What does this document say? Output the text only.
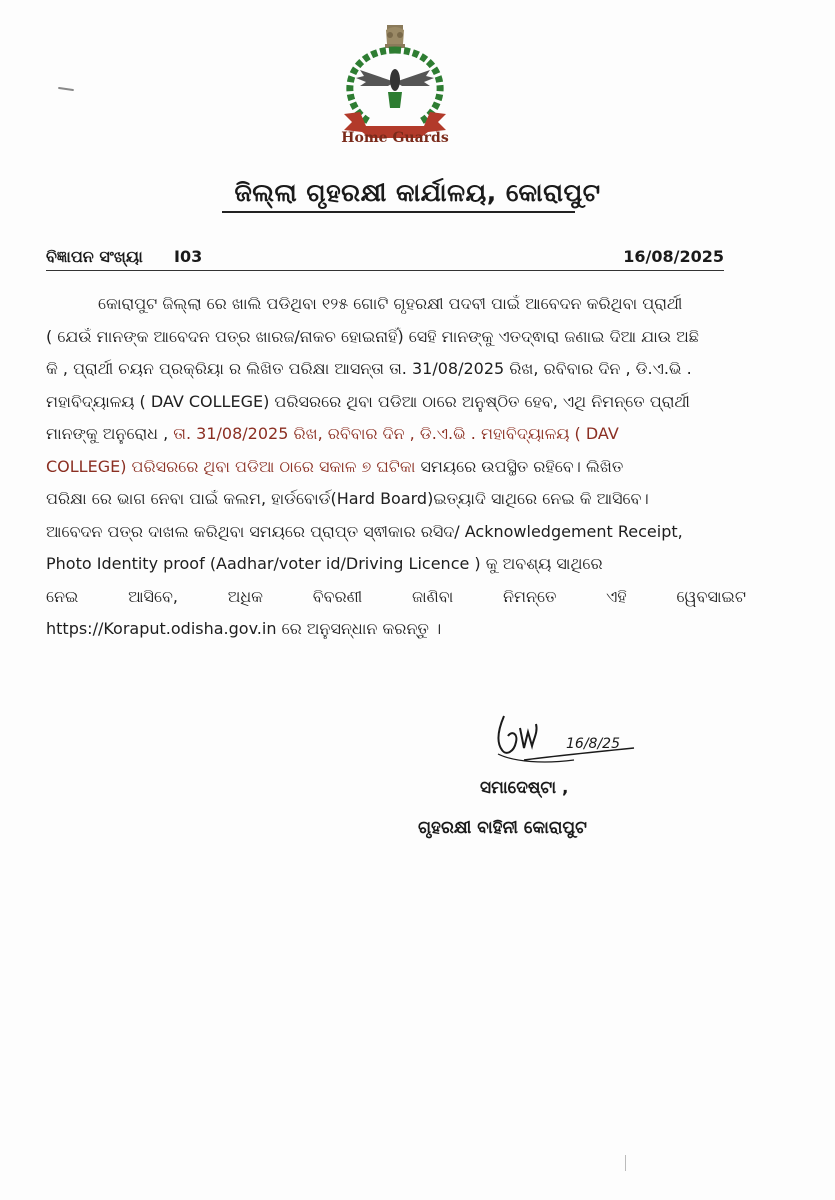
Home Guards
ଜିଲ୍ଲା ଗୃହରକ୍ଷୀ କାର୍ଯାଳୟ, କୋରାପୁଟ
ବିଜ୍ଞାପନ ସଂଖ୍ୟା I03	16/08/2025
କୋରାପୁଟ ଜିଲ୍ଲା ରେ ଖାଲି ପଡିଥିବା ୧୨୫ ଗୋଟି ଗୃହରକ୍ଷୀ ପଦବୀ ପାଇଁ ଆବେଦନ କରିଥିବା ପ୍ରାର୍ଥୀ
( ଯେଉଁ ମାନଙ୍କ ଆବେଦନ ପତ୍ର ଖାରଜ/ନାକଚ ହୋଇନାହିଁ) ସେହି ମାନଙ୍କୁ ଏତଦ୍ଵାରା ଜଣାଇ ଦିଆ ଯାଉ ଅଛି
କି , ପ୍ରାର୍ଥୀ ଚୟନ ପ୍ରକ୍ରିୟା ର ଲିଖିତ ପରିକ୍ଷା ଆସନ୍ତା ତା. 31/08/2025 ରିଖ, ରବିବାର ଦିନ , ଡି.ଏ.ଭି .
ମହାବିଦ୍ୟାଳୟ ( DAV COLLEGE) ପରିସରରେ ଥିବା ପଡିଆ ଠାରେ ଅନୁଷ୍ଠିତ ହେବ, ଏଥି ନିମନ୍ତେ ପ୍ରାର୍ଥୀ
ମାନଙ୍କୁ ଅନୁରୋଧ , ତା. 31/08/2025 ରିଖ, ରବିବାର ଦିନ , ଡି.ଏ.ଭି . ମହାବିଦ୍ୟାଳୟ ( DAV
COLLEGE) ପରିସରରେ ଥିବା ପଡିଆ ଠାରେ ସକାଳ ୭ ଘଟିକା ସମୟରେ ଉପସ୍ଥିତ ରହିବେ। ଲିଖିତ
ପରିକ୍ଷା ରେ ଭାଗ ନେବା ପାଇଁ କଲମ, ହାର୍ଡବୋର୍ଡ(Hard Board)ଇତ୍ୟାଦି ସାଥିରେ ନେଇ କି ଆସିବେ।
ଆବେଦନ ପତ୍ର ଦାଖଲ କରିଥିବା ସମୟରେ ପ୍ରାପ୍ତ ସ୍ଵୀକାର ରସିଦ/ Acknowledgement Receipt,
Photo Identity proof (Aadhar/voter id/Driving Licence ) କୁ ଅବଶ୍ୟ ସାଥିରେ
ନେଇ	ଆସିବେ,	ଅଧିକ	ବିବରଣୀ	ଜାଣିବା	ନିମନ୍ତେ	ଏହି	ୱେବସାଇଟ
https://Koraput.odisha.gov.in ରେ ଅନୁସନ୍ଧାନ କରନ୍ତୁ ।
16/8/25
ସମାଦେଷ୍ଟା ,
ଗୃହରକ୍ଷୀ ବାହିନୀ କୋରାପୁଟ
